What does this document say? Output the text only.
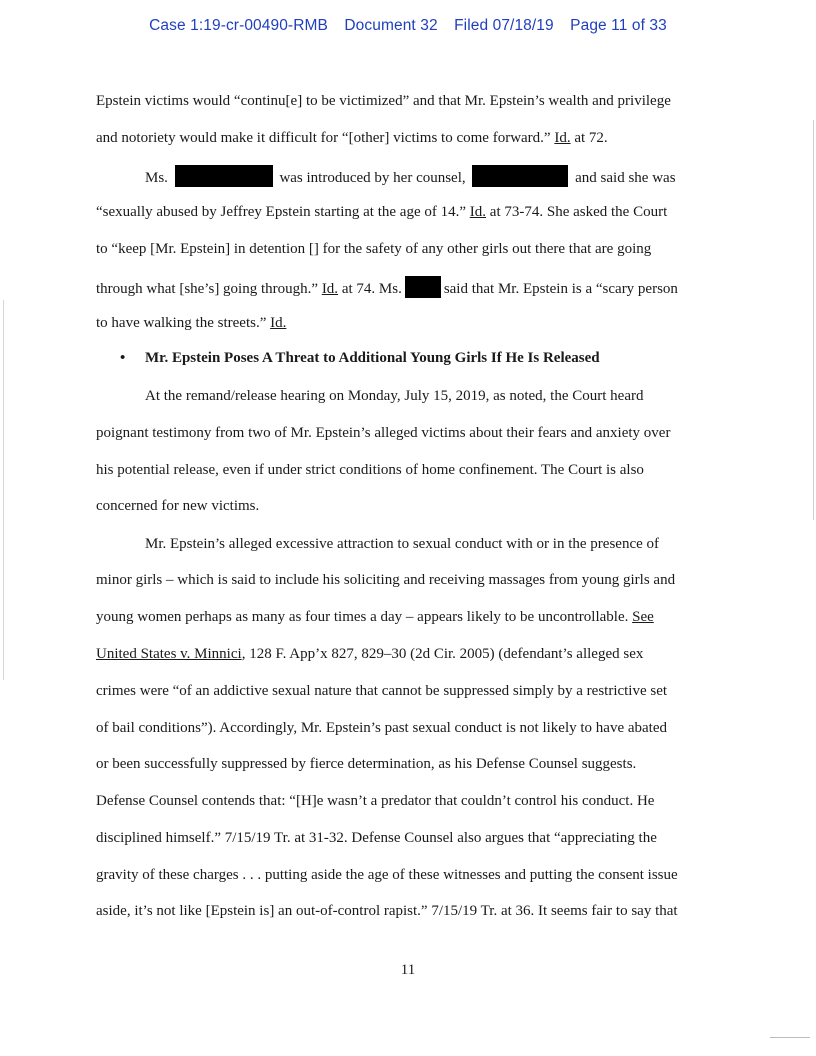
Case 1:19-cr-00490-RMB Document 32 Filed 07/18/19 Page 11 of 33
Epstein victims would “continu[e] to be victimized” and that Mr. Epstein’s wealth and privilege
and notoriety would make it difficult for “[other] victims to come forward.” Id. at 72.
Ms.	was introduced by her counsel,	and said she was
“sexually abused by Jeffrey Epstein starting at the age of 14.” Id. at 73-74. She asked the Court
to “keep [Mr. Epstein] in detention [] for the safety of any other girls out there that are going
through what [she’s] going through.” Id. at 74. Ms.	said that Mr. Epstein is a “scary person
to have walking the streets.” Id.
• Mr. Epstein Poses A Threat to Additional Young Girls If He Is Released
At the remand/release hearing on Monday, July 15, 2019, as noted, the Court heard
poignant testimony from two of Mr. Epstein’s alleged victims about their fears and anxiety over
his potential release, even if under strict conditions of home confinement. The Court is also
concerned for new victims.
Mr. Epstein’s alleged excessive attraction to sexual conduct with or in the presence of
minor girls – which is said to include his soliciting and receiving massages from young girls and
young women perhaps as many as four times a day – appears likely to be uncontrollable. See
United States v. Minnici, 128 F. App’x 827, 829–30 (2d Cir. 2005) (defendant’s alleged sex
crimes were “of an addictive sexual nature that cannot be suppressed simply by a restrictive set
of bail conditions”). Accordingly, Mr. Epstein’s past sexual conduct is not likely to have abated
or been successfully suppressed by fierce determination, as his Defense Counsel suggests.
Defense Counsel contends that: “[H]e wasn’t a predator that couldn’t control his conduct. He
disciplined himself.” 7/15/19 Tr. at 31-32. Defense Counsel also argues that “appreciating the
gravity of these charges . . . putting aside the age of these witnesses and putting the consent issue
aside, it’s not like [Epstein is] an out-of-control rapist.” 7/15/19 Tr. at 36. It seems fair to say that
11
